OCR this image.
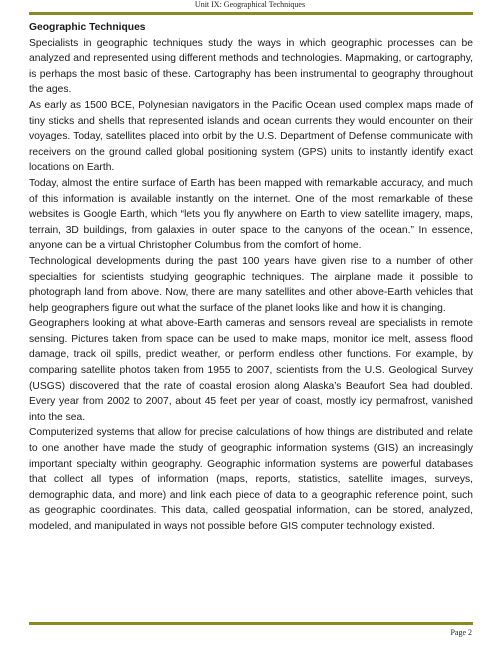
Unit IX: Geographical Techniques

Geographic Techniques

Specialists in geographic techniques study the ways in which geographic processes can be analyzed and represented using different methods and technologies. Mapmaking, or cartography, is perhaps the most basic of these. Cartography has been instrumental to geography throughout the ages.

As early as 1500 BCE, Polynesian navigators in the Pacific Ocean used complex maps made of tiny sticks and shells that represented islands and ocean currents they would encounter on their voyages. Today, satellites placed into orbit by the U.S. Department of Defense communicate with receivers on the ground called global positioning system (GPS) units to instantly identify exact locations on Earth.

Today, almost the entire surface of Earth has been mapped with remarkable accuracy, and much of this information is available instantly on the internet. One of the most remarkable of these websites is Google Earth, which “lets you fly anywhere on Earth to view satellite imagery, maps, terrain, 3D buildings, from galaxies in outer space to the canyons of the ocean.” In essence, anyone can be a virtual Christopher Columbus from the comfort of home.

Technological developments during the past 100 years have given rise to a number of other specialties for scientists studying geographic techniques. The airplane made it possible to photograph land from above. Now, there are many satellites and other above-Earth vehicles that help geographers figure out what the surface of the planet looks like and how it is changing.

Geographers looking at what above-Earth cameras and sensors reveal are specialists in remote sensing. Pictures taken from space can be used to make maps, monitor ice melt, assess flood damage, track oil spills, predict weather, or perform endless other functions. For example, by comparing satellite photos taken from 1955 to 2007, scientists from the U.S. Geological Survey (USGS) discovered that the rate of coastal erosion along Alaska’s Beaufort Sea had doubled. Every year from 2002 to 2007, about 45 feet per year of coast, mostly icy permafrost, vanished into the sea.

Computerized systems that allow for precise calculations of how things are distributed and relate to one another have made the study of geographic information systems (GIS) an increasingly important specialty within geography. Geographic information systems are powerful databases that collect all types of information (maps, reports, statistics, satellite images, surveys, demographic data, and more) and link each piece of data to a geographic reference point, such as geographic coordinates. This data, called geospatial information, can be stored, analyzed, modeled, and manipulated in ways not possible before GIS computer technology existed.

Page 2
